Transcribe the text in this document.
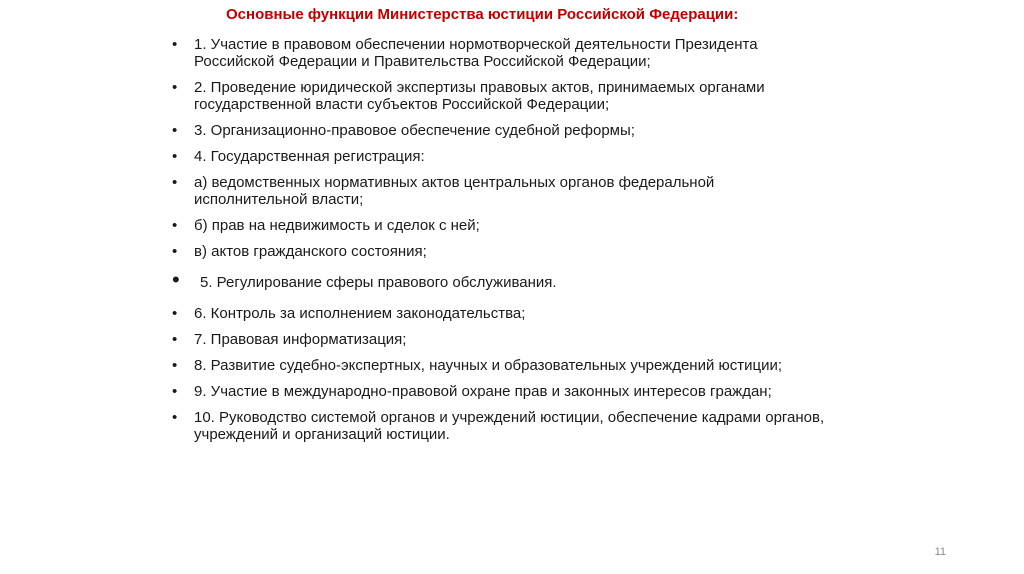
Основные функции Министерства юстиции Российской Федерации:
• 1. Участие в правовом обеспечении нормотворческой деятельности Президента Российской Федерации и Правительства Российской Федерации;
• 2. Проведение юридической экспертизы правовых актов, принимаемых органами государственной власти субъектов Российской Федерации;
• 3. Организационно-правовое обеспечение судебной реформы;
• 4. Государственная регистрация:
• а) ведомственных нормативных актов центральных органов федеральной исполнительной власти;
• б) прав на недвижимость и сделок с ней;
• в) актов гражданского состояния;
• 5. Регулирование сферы правового обслуживания.
• 6. Контроль за исполнением законодательства;
• 7. Правовая информатизация;
• 8. Развитие судебно-экспертных, научных и образовательных учреждений юстиции;
• 9. Участие в международно-правовой охране прав и законных интересов граждан;
• 10. Руководство системой органов и учреждений юстиции, обеспечение кадрами органов, учреждений и организаций юстиции.
11
